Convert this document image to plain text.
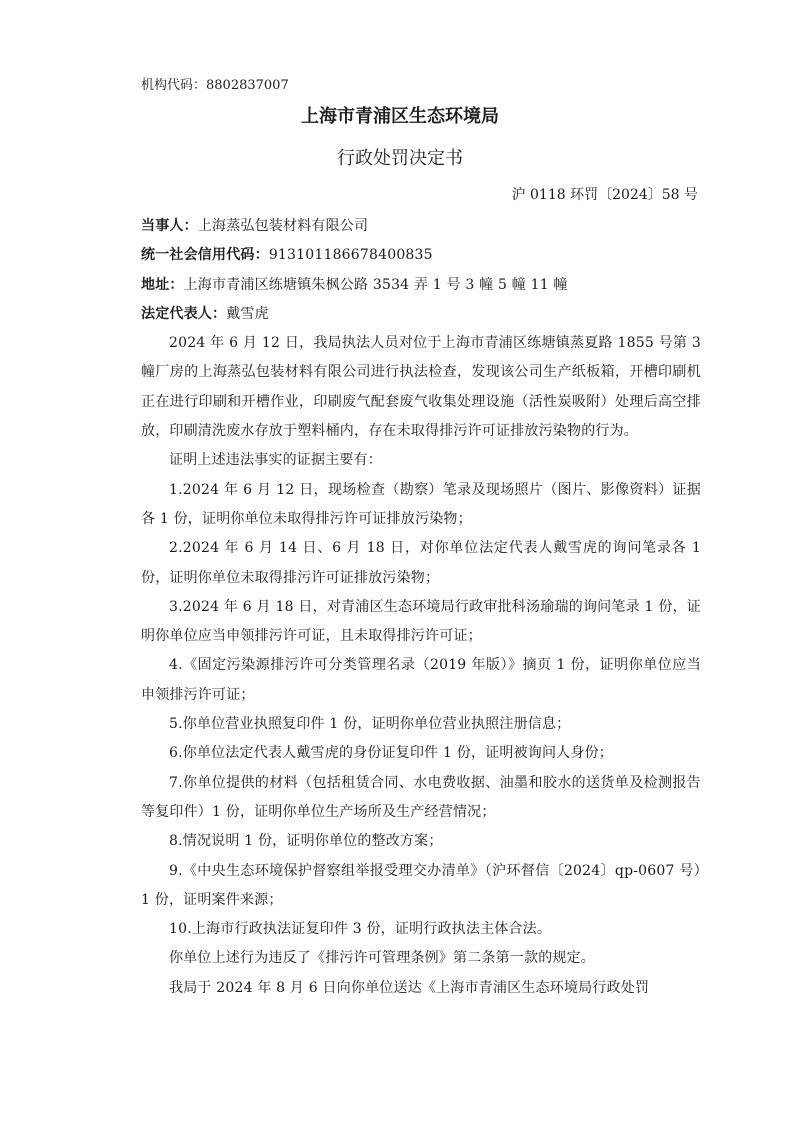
机构代码：8802837007
上海市青浦区生态环境局
行政处罚决定书
沪 0118 环罚〔2024〕58 号
当事人：上海蒸弘包装材料有限公司
统一社会信用代码：913101186678400835
地址：上海市青浦区练塘镇朱枫公路 3534 弄 1 号 3 幢 5 幢 11 幢
法定代表人：戴雪虎
2024 年 6 月 12 日，我局执法人员对位于上海市青浦区练塘镇蒸夏路 1855 号第 3 幢厂房的上海蒸弘包装材料有限公司进行执法检查，发现该公司生产纸板箱，开槽印刷机正在进行印刷和开槽作业，印刷废气配套废气收集处理设施（活性炭吸附）处理后高空排放，印刷清洗废水存放于塑料桶内，存在未取得排污许可证排放污染物的行为。
证明上述违法事实的证据主要有：
1.2024 年 6 月 12 日，现场检查（勘察）笔录及现场照片（图片、影像资料）证据各 1 份，证明你单位未取得排污许可证排放污染物；
2.2024 年 6 月 14 日、6 月 18 日，对你单位法定代表人戴雪虎的询问笔录各 1 份，证明你单位未取得排污许可证排放污染物；
3.2024 年 6 月 18 日，对青浦区生态环境局行政审批科汤瑜瑞的询问笔录 1 份，证明你单位应当申领排污许可证，且未取得排污许可证；
4.《固定污染源排污许可分类管理名录（2019 年版）》摘页 1 份，证明你单位应当申领排污许可证；
5.你单位营业执照复印件 1 份，证明你单位营业执照注册信息；
6.你单位法定代表人戴雪虎的身份证复印件 1 份，证明被询问人身份；
7.你单位提供的材料（包括租赁合同、水电费收据、油墨和胶水的送货单及检测报告等复印件）1 份，证明你单位生产场所及生产经营情况；
8.情况说明 1 份，证明你单位的整改方案；
9.《中央生态环境保护督察组举报受理交办清单》（沪环督信〔2024〕qp-0607 号）1 份，证明案件来源；
10.上海市行政执法证复印件 3 份，证明行政执法主体合法。
你单位上述行为违反了《排污许可管理条例》第二条第一款的规定。
我局于 2024 年 8 月 6 日向你单位送达《上海市青浦区生态环境局行政处罚
